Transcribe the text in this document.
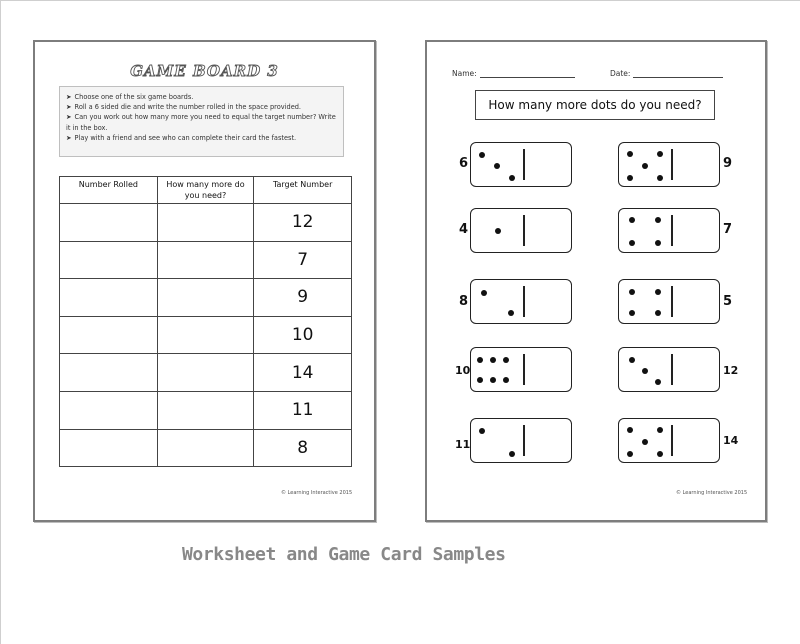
GAME BOARD 3
➤ Choose one of the six game boards.
➤ Roll a 6 sided die and write the number rolled in the space provided.
➤ Can you work out how many more you need to equal the target number? Write it in the box.
➤ Play with a friend and see who can complete their card the fastest.
Number Rolled	How many more do you need?	Target Number
		12
		7
		9
		10
		14
		11
		8
© Learning Interactive 2015
Name:	Date:
How many more dots do you need?
6
4
8
10
11
9
7
5
12
14
© Learning Interactive 2015
Worksheet and Game Card Samples
